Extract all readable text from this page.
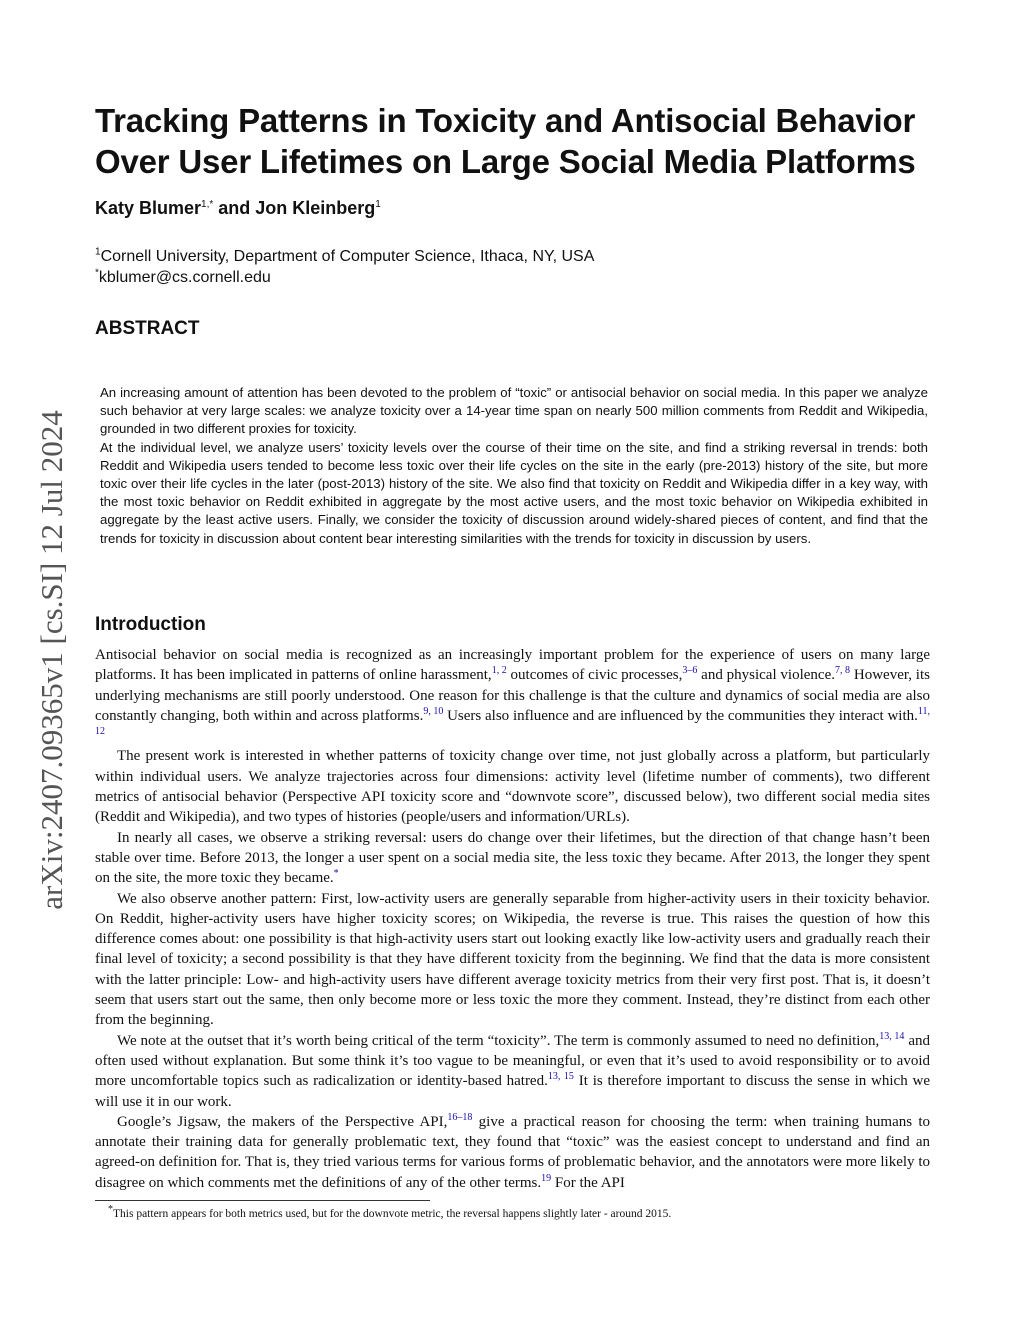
arXiv:2407.09365v1 [cs.SI] 12 Jul 2024
Tracking Patterns in Toxicity and Antisocial Behavior
Over User Lifetimes on Large Social Media Platforms
Katy Blumer$^{1,*}$ and Jon Kleinberg$^1$
$^1$Cornell University, Department of Computer Science, Ithaca, NY, USA
*kblumer@cs.cornell.edu
ABSTRACT

An increasing amount of attention has been devoted to the problem of “toxic” or antisocial behavior on social media. In this paper we analyze such behavior at very large scales: we analyze toxicity over a 14-year time span on nearly 500 million comments from Reddit and Wikipedia, grounded in two different proxies for toxicity.

At the individual level, we analyze users’ toxicity levels over the course of their time on the site, and find a striking reversal in trends: both Reddit and Wikipedia users tended to become less toxic over their life cycles on the site in the early (pre-2013) history of the site, but more toxic over their life cycles in the later (post-2013) history of the site. We also find that toxicity on Reddit and Wikipedia differ in a key way, with the most toxic behavior on Reddit exhibited in aggregate by the most active users, and the most toxic behavior on Wikipedia exhibited in aggregate by the least active users. Finally, we consider the toxicity of discussion around widely-shared pieces of content, and find that the trends for toxicity in discussion about content bear interesting similarities with the trends for toxicity in discussion by users.

Introduction

Antisocial behavior on social media is recognized as an increasingly important problem for the experience of users on many large platforms. It has been implicated in patterns of online harassment,$^{1, 2}$ outcomes of civic processes,$^{3-6}$ and physical violence.$^{7, 8}$ However, its underlying mechanisms are still poorly understood. One reason for this challenge is that the culture and dynamics of social media are also constantly changing, both within and across platforms.$^{9, 10}$ Users also influence and are influenced by the communities they interact with.$^{11, 12}$

The present work is interested in whether patterns of toxicity change over time, not just globally across a platform, but particularly within individual users. We analyze trajectories across four dimensions: activity level (lifetime number of comments), two different metrics of antisocial behavior (Perspective API toxicity score and “downvote score”, discussed below), two different social media sites (Reddit and Wikipedia), and two types of histories (people/users and information/URLs).

In nearly all cases, we observe a striking reversal: users do change over their lifetimes, but the direction of that change hasn’t been stable over time. Before 2013, the longer a user spent on a social media site, the less toxic they became. After 2013, the longer they spent on the site, the more toxic they became.*

We also observe another pattern: First, low-activity users are generally separable from higher-activity users in their toxicity behavior. On Reddit, higher-activity users have higher toxicity scores; on Wikipedia, the reverse is true. This raises the question of how this difference comes about: one possibility is that high-activity users start out looking exactly like low-activity users and gradually reach their final level of toxicity; a second possibility is that they have different toxicity from the beginning. We find that the data is more consistent with the latter principle: Low- and high-activity users have different average toxicity metrics from their very first post. That is, it doesn’t seem that users start out the same, then only become more or less toxic the more they comment. Instead, they’re distinct from each other from the beginning.

We note at the outset that it’s worth being critical of the term “toxicity”. The term is commonly assumed to need no definition,$^{13, 14}$ and often used without explanation. But some think it’s too vague to be meaningful, or even that it’s used to avoid responsibility or to avoid more uncomfortable topics such as radicalization or identity-based hatred.$^{13, 15}$ It is therefore important to discuss the sense in which we will use it in our work.

Google’s Jigsaw, the makers of the Perspective API,$^{16-18}$ give a practical reason for choosing the term: when training humans to annotate their training data for generally problematic text, they found that “toxic” was the easiest concept to understand and find an agreed-on definition for. That is, they tried various terms for various forms of problematic behavior, and the annotators were more likely to disagree on which comments met the definitions of any of the other terms.$^{19}$ For the API

*This pattern appears for both metrics used, but for the downvote metric, the reversal happens slightly later - around 2015.
